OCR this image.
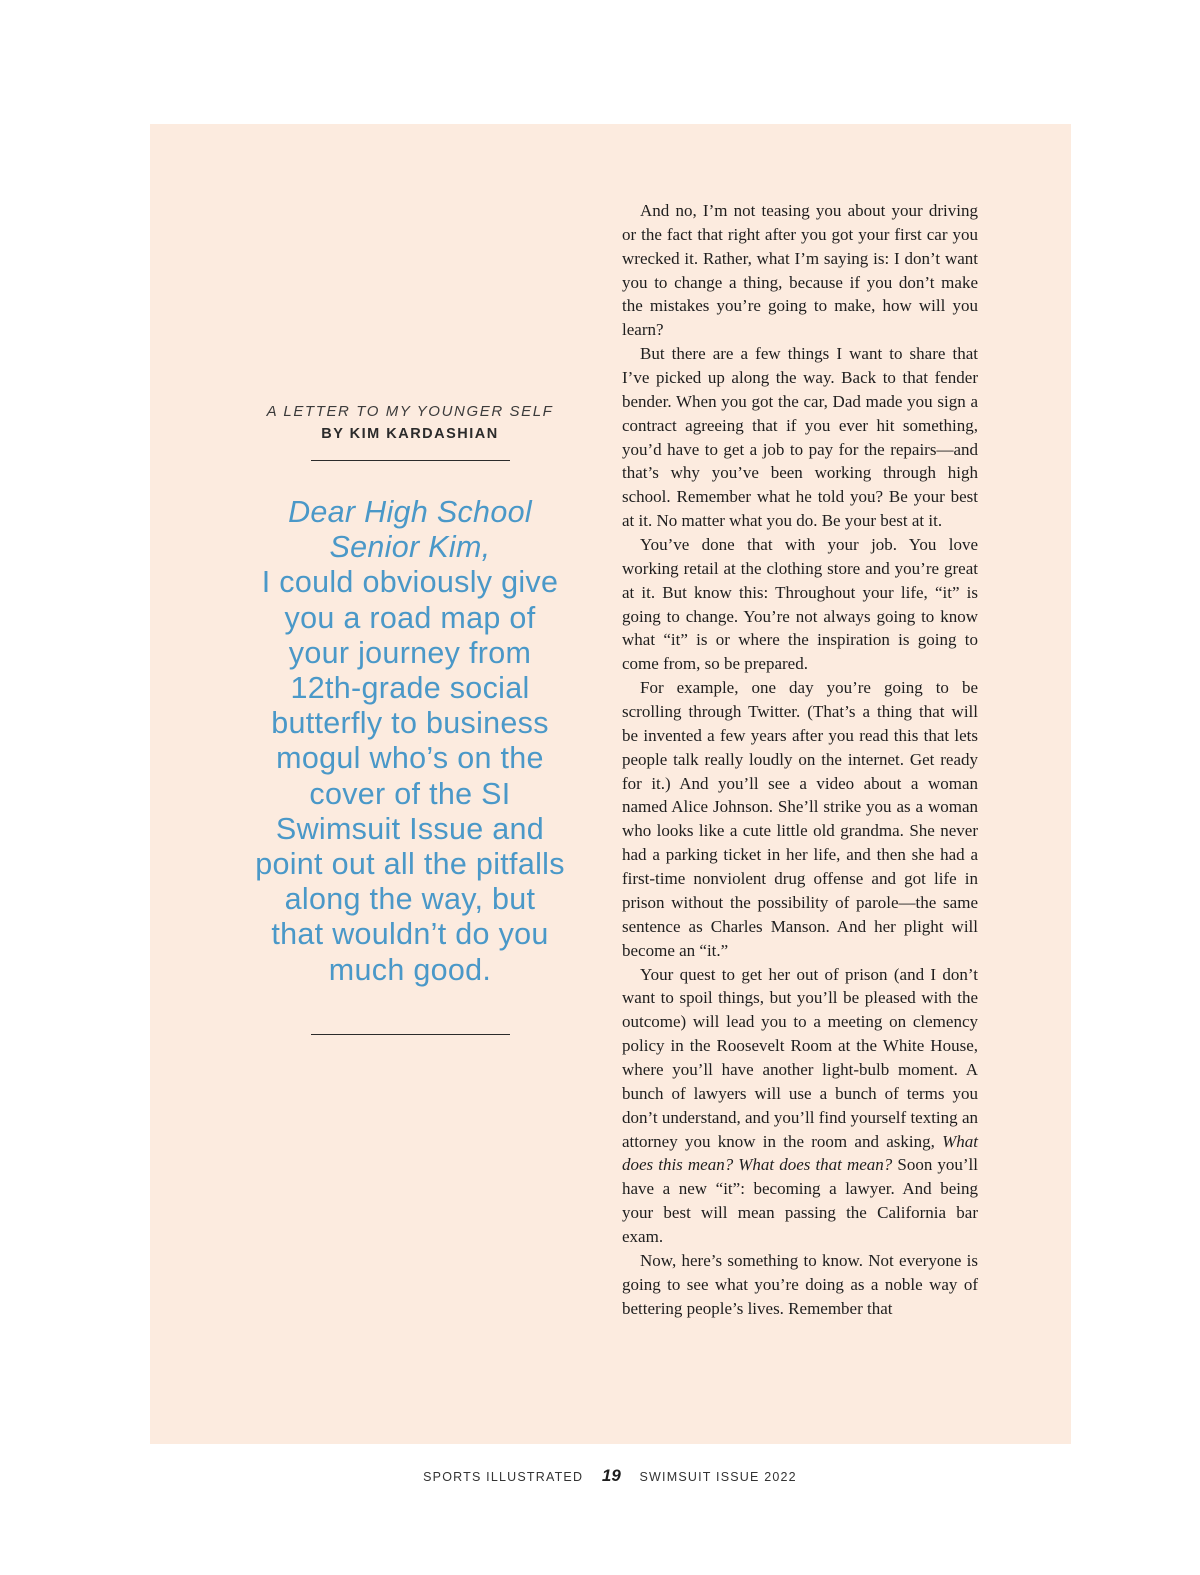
A LETTER TO MY YOUNGER SELF
BY KIM KARDASHIAN
Dear High School Senior Kim,
I could obviously give you a road map of your journey from 12th-grade social butterfly to business mogul who’s on the cover of the SI Swimsuit Issue and point out all the pitfalls along the way, but that wouldn’t do you much good.

And no, I’m not teasing you about your driving or the fact that right after you got your first car you wrecked it. Rather, what I’m saying is: I don’t want you to change a thing, because if you don’t make the mistakes you’re going to make, how will you learn?

But there are a few things I want to share that I’ve picked up along the way. Back to that fender bender. When you got the car, Dad made you sign a contract agreeing that if you ever hit something, you’d have to get a job to pay for the repairs—and that’s why you’ve been working through high school. Remember what he told you? Be your best at it. No matter what you do. Be your best at it.

You’ve done that with your job. You love working retail at the clothing store and you’re great at it. But know this: Throughout your life, “it” is going to change. You’re not always going to know what “it” is or where the inspiration is going to come from, so be prepared.

For example, one day you’re going to be scrolling through Twitter. (That’s a thing that will be invented a few years after you read this that lets people talk really loudly on the internet. Get ready for it.) And you’ll see a video about a woman named Alice Johnson. She’ll strike you as a woman who looks like a cute little old grandma. She never had a parking ticket in her life, and then she had a first-time nonviolent drug offense and got life in prison without the possibility of parole—the same sentence as Charles Manson. And her plight will become an “it.”

Your quest to get her out of prison (and I don’t want to spoil things, but you’ll be pleased with the outcome) will lead you to a meeting on clemency policy in the Roosevelt Room at the White House, where you’ll have another light-bulb moment. A bunch of lawyers will use a bunch of terms you don’t understand, and you’ll find yourself texting an attorney you know in the room and asking, What does this mean? What does that mean? Soon you’ll have a new “it”: becoming a lawyer. And being your best will mean passing the California bar exam.

Now, here’s something to know. Not everyone is going to see what you’re doing as a noble way of bettering people’s lives. Remember that

SPORTS ILLUSTRATED 19 SWIMSUIT ISSUE 2022
